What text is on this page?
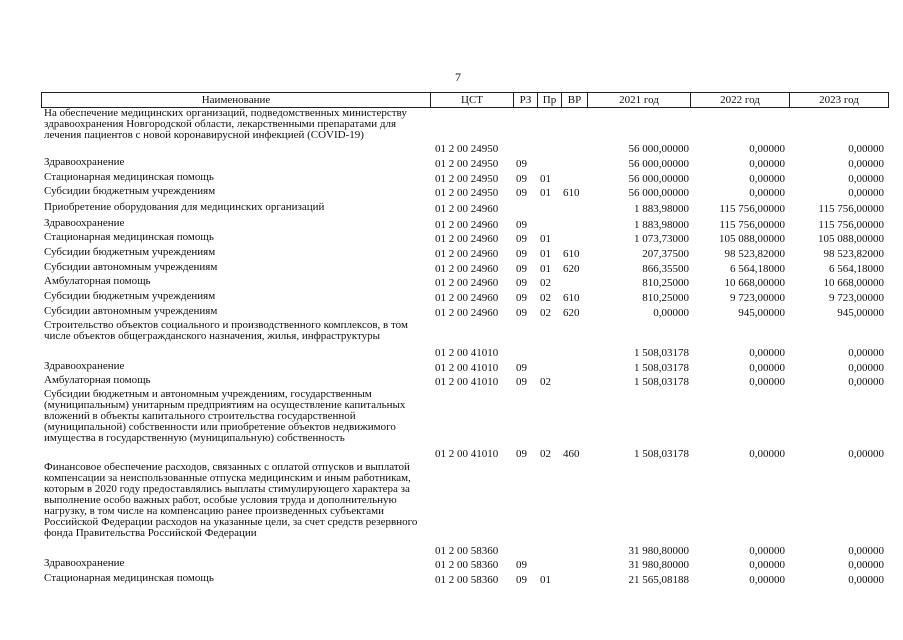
7
Наименование	ЦСТ	РЗ	Пр	ВР	2021 год	2022 год	2023 год
На обеспечение медицинских организаций, подведомственных министерству здравоохранения Новгородской области, лекарственными препаратами для лечения пациентов с новой коронавирусной инфекцией (COVID-19)
01 2 00 24950	56 000,00000	0,00000	0,00000
Здравоохранение	01 2 00 24950 09	56 000,00000	0,00000	0,00000
Стационарная медицинская помощь	01 2 00 24950 09 01	56 000,00000	0,00000	0,00000
Субсидии бюджетным учреждениям	01 2 00 24950 09 01 610	56 000,00000	0,00000	0,00000
Приобретение оборудования для медицинских организаций	01 2 00 24960	1 883,98000	115 756,00000	115 756,00000
Здравоохранение	01 2 00 24960 09	1 883,98000	115 756,00000	115 756,00000
Стационарная медицинская помощь	01 2 00 24960 09 01	1 073,73000	105 088,00000	105 088,00000
Субсидии бюджетным учреждениям	01 2 00 24960 09 01 610	207,37500	98 523,82000	98 523,82000
Субсидии автономным учреждениям	01 2 00 24960 09 01 620	866,35500	6 564,18000	6 564,18000
Амбулаторная помощь	01 2 00 24960 09 02	810,25000	10 668,00000	10 668,00000
Субсидии бюджетным учреждениям	01 2 00 24960 09 02 610	810,25000	9 723,00000	9 723,00000
Субсидии автономным учреждениям	01 2 00 24960 09 02 620	0,00000	945,00000	945,00000
Строительство объектов социального и производственного комплексов, в том числе объектов общегражданского назначения, жилья, инфраструктуры
01 2 00 41010	1 508,03178	0,00000	0,00000
Здравоохранение	01 2 00 41010 09	1 508,03178	0,00000	0,00000
Амбулаторная помощь	01 2 00 41010 09 02	1 508,03178	0,00000	0,00000
Субсидии бюджетным и автономным учреждениям, государственным (муниципальным) унитарным предприятиям на осуществление капитальных вложений в объекты капитального строительства государственной (муниципальной) собственности или приобретение объектов недвижимого имущества в государственную (муниципальную) собственность
01 2 00 41010 09 02 460	1 508,03178	0,00000	0,00000
Финансовое обеспечение расходов, связанных с оплатой отпусков и выплатой компенсации за неиспользованные отпуска медицинским и иным работникам, которым в 2020 году предоставлялись выплаты стимулирующего характера за выполнение особо важных работ, особые условия труда и дополнительную нагрузку, в том числе на компенсацию ранее произведенных субъектами Российской Федерации расходов на указанные цели, за счет средств резервного фонда Правительства Российской Федерации
01 2 00 58360	31 980,80000	0,00000	0,00000
Здравоохранение	01 2 00 58360 09	31 980,80000	0,00000	0,00000
Стационарная медицинская помощь	01 2 00 58360 09 01	21 565,08188	0,00000	0,00000
